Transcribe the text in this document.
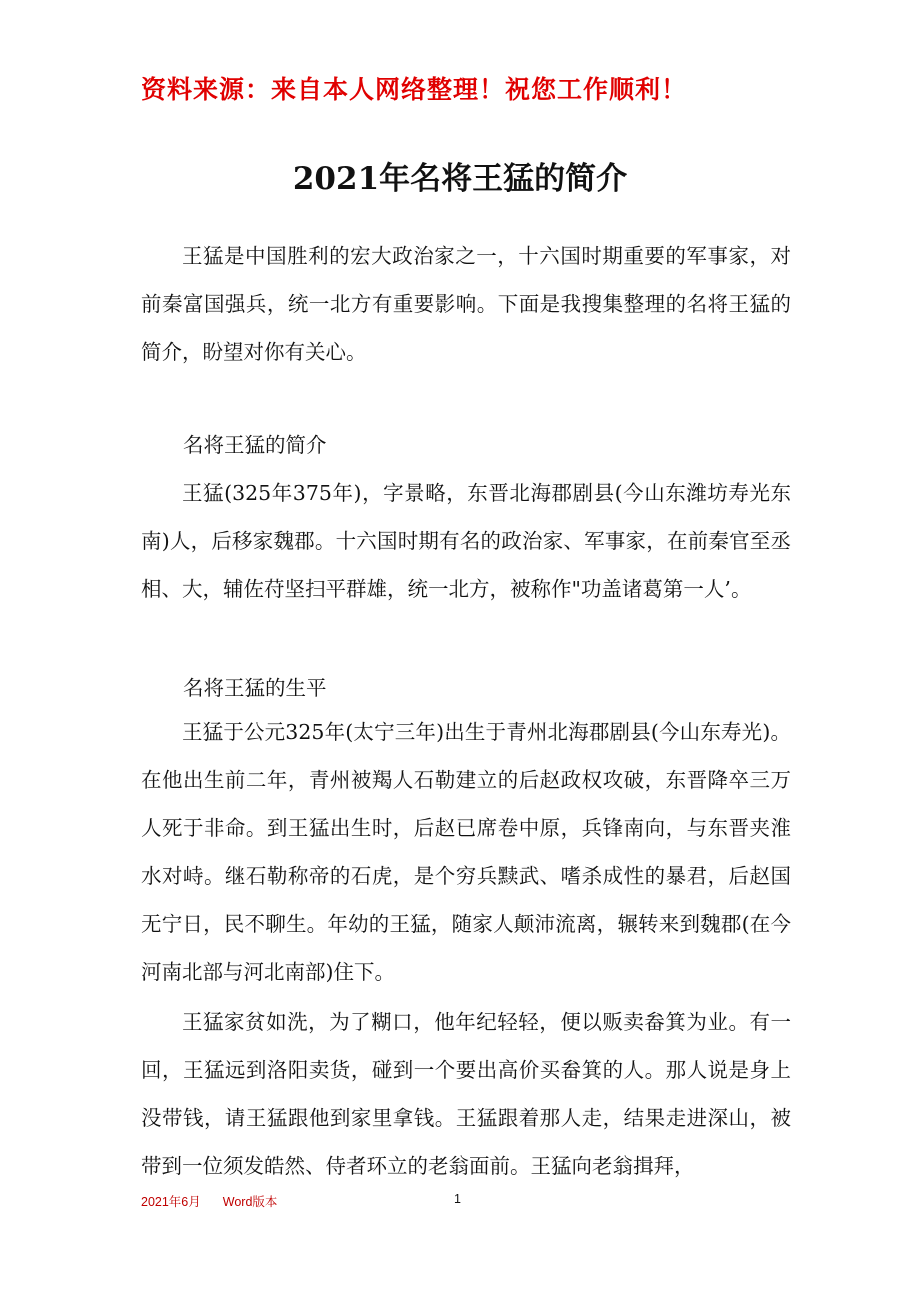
资料来源：来自本人网络整理！祝您工作顺利！
2021年名将王猛的简介

王猛是中国胜利的宏大政治家之一，十六国时期重要的军事家，对前秦富国强兵，统一北方有重要影响。下面是我搜集整理的名将王猛的简介，盼望对你有关心。

名将王猛的简介

王猛(325年375年)，字景略，东晋北海郡剧县(今山东潍坊寿光东南)人，后移家魏郡。十六国时期有名的政治家、军事家，在前秦官至丞相、大，辅佐苻坚扫平群雄，统一北方，被称作"功盖诸葛第一人’。

名将王猛的生平

王猛于公元325年(太宁三年)出生于青州北海郡剧县(今山东寿光)。在他出生前二年，青州被羯人石勒建立的后赵政权攻破，东晋降卒三万人死于非命。到王猛出生时，后赵已席卷中原，兵锋南向，与东晋夹淮水对峙。继石勒称帝的石虎，是个穷兵黩武、嗜杀成性的暴君，后赵国无宁日，民不聊生。年幼的王猛，随家人颠沛流离，辗转来到魏郡(在今河南北部与河北南部)住下。

王猛家贫如洗，为了糊口，他年纪轻轻，便以贩卖畚箕为业。有一回，王猛远到洛阳卖货，碰到一个要出高价买畚箕的人。那人说是身上没带钱，请王猛跟他到家里拿钱。王猛跟着那人走，结果走进深山，被带到一位须发皓然、侍者环立的老翁面前。王猛向老翁揖拜，

2021年6月 Word版本	1
